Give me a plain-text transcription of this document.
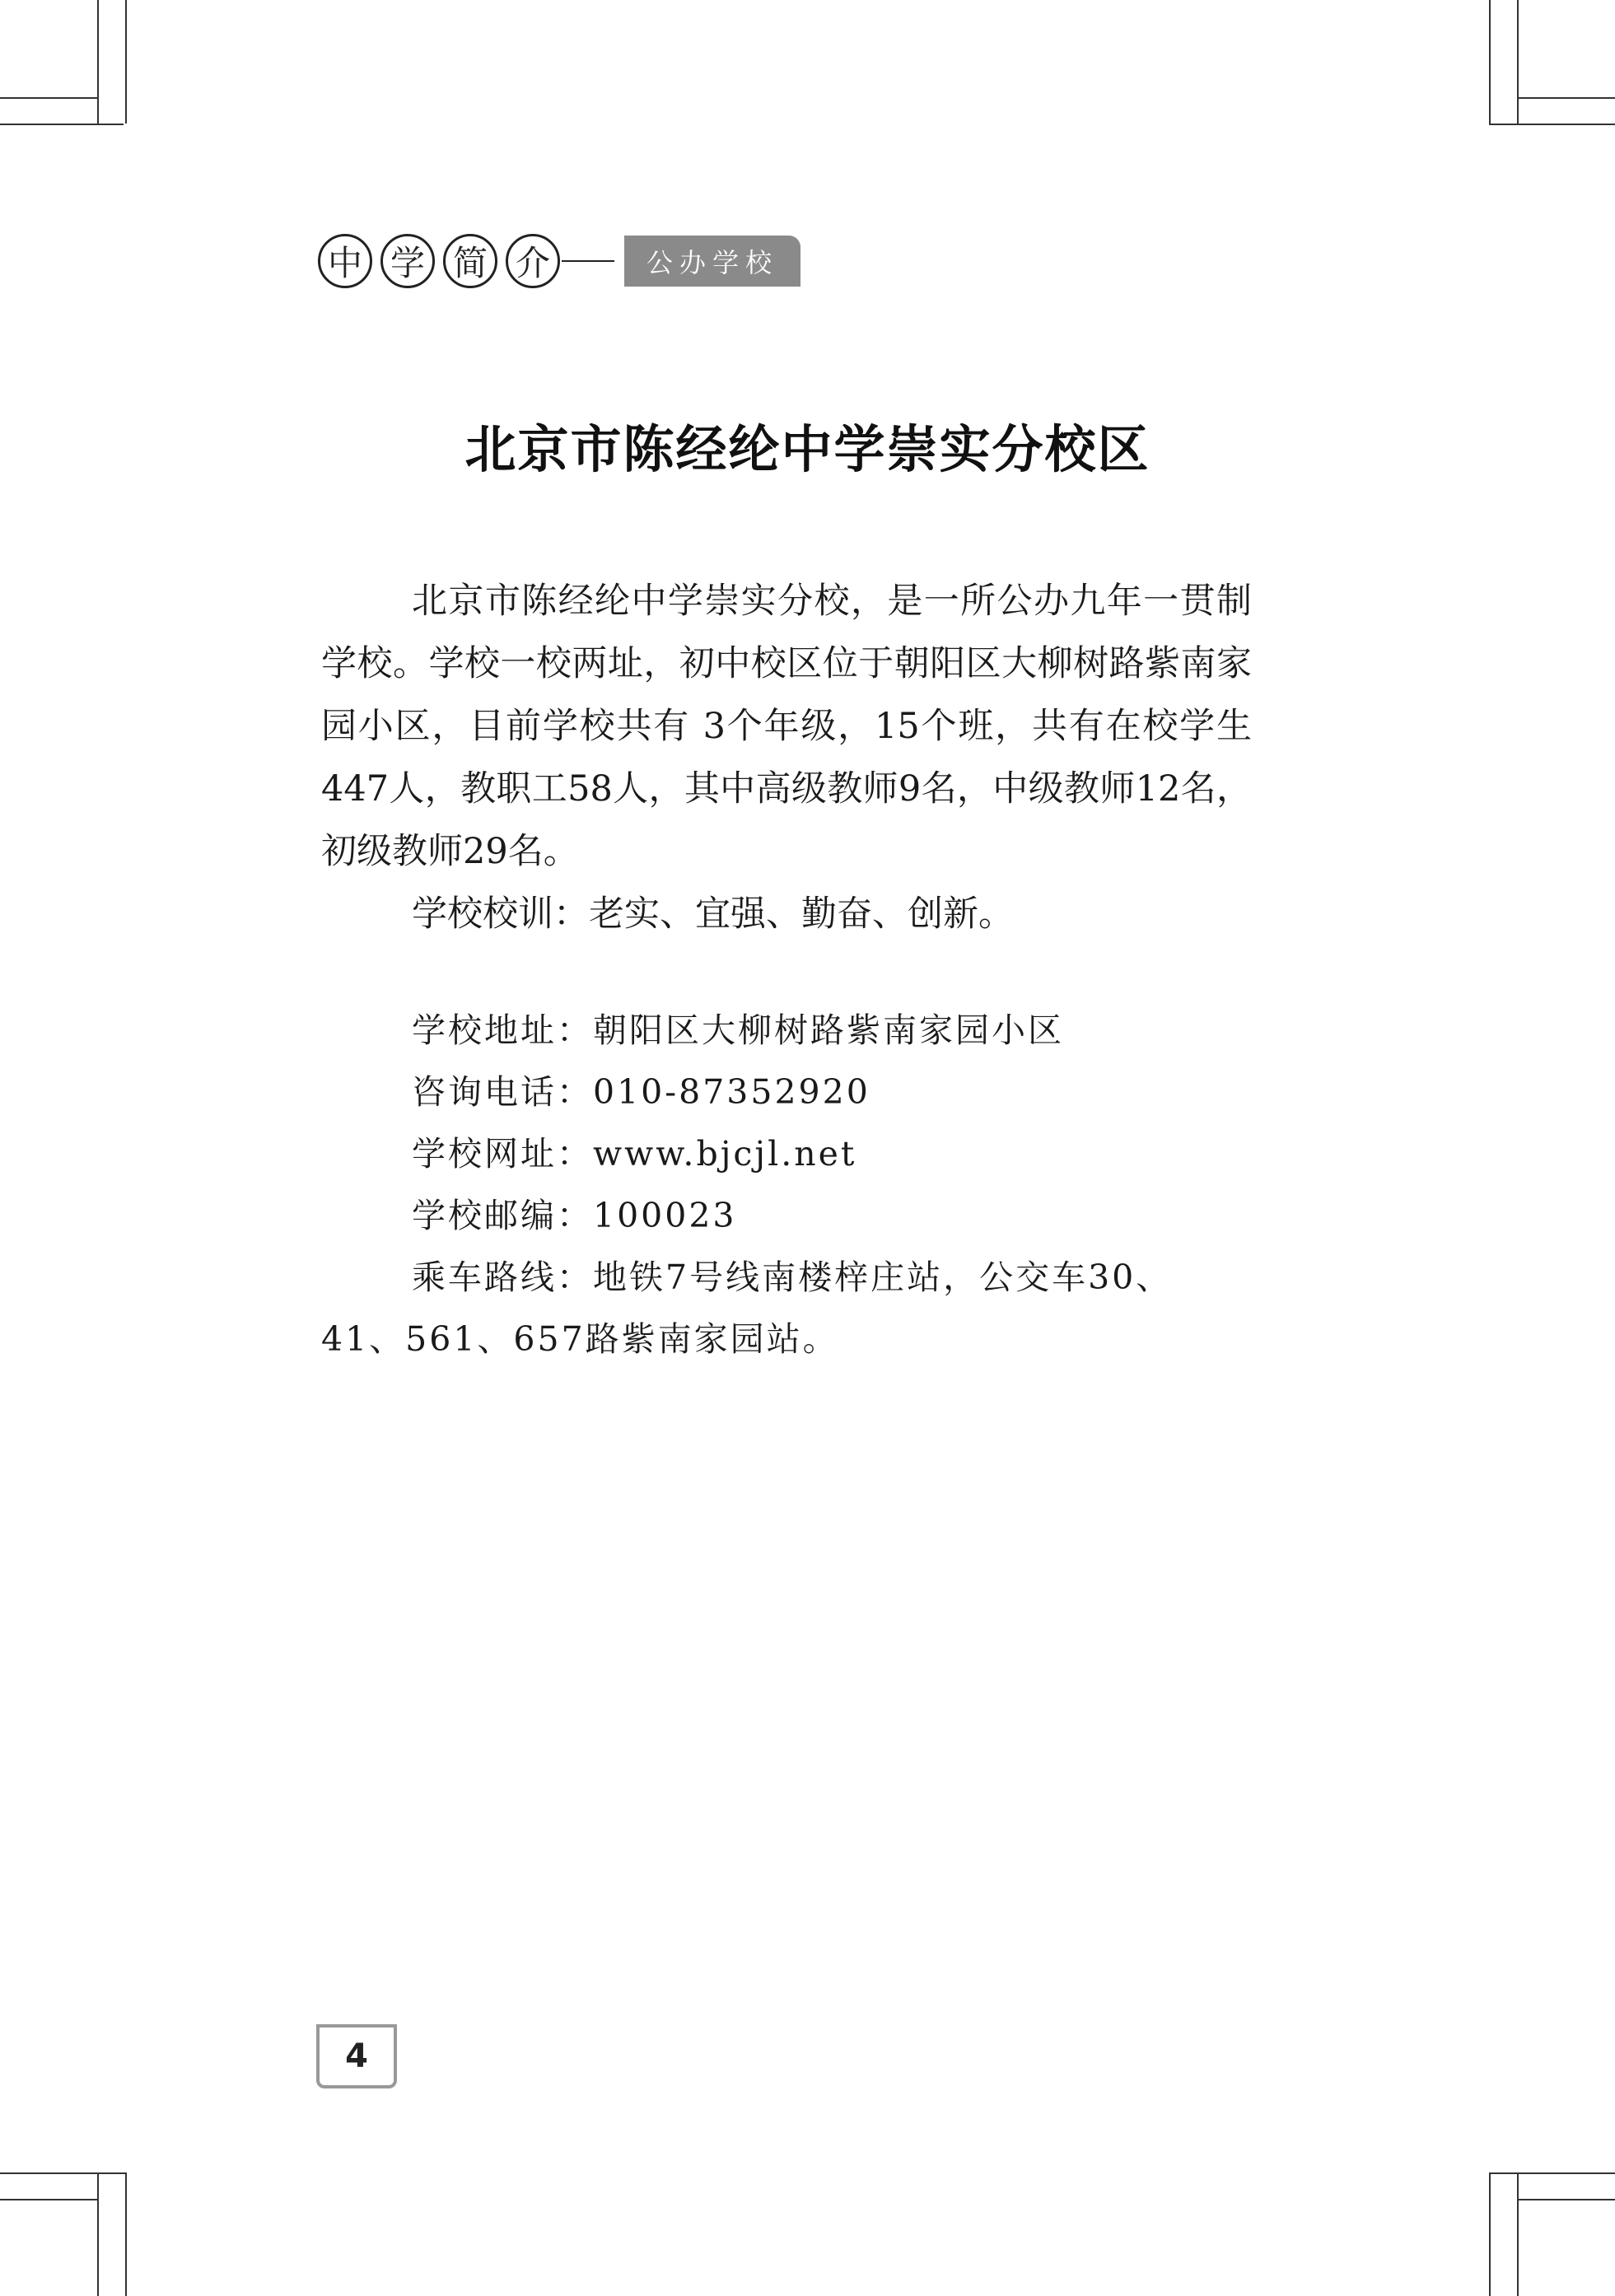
中 学 简 介	公办学校
北京市陈经纶中学崇实分校区
北京市陈经纶中学崇实分校，是一所公办九年一贯制学校。学校一校两址，初中校区位于朝阳区大柳树路紫南家园小区，目前学校共有 3个年级，15个班，共有在校学生447人，教职工58人，其中高级教师9名，中级教师12名，初级教师29名。
学校校训：老实、宜强、勤奋、创新。
学校地址：朝阳区大柳树路紫南家园小区
咨询电话：010-87352920
学校网址：www.bjcjl.net
学校邮编：100023
乘车路线：地铁7号线南楼梓庄站，公交车30、
41、561、657路紫南家园站。
4
